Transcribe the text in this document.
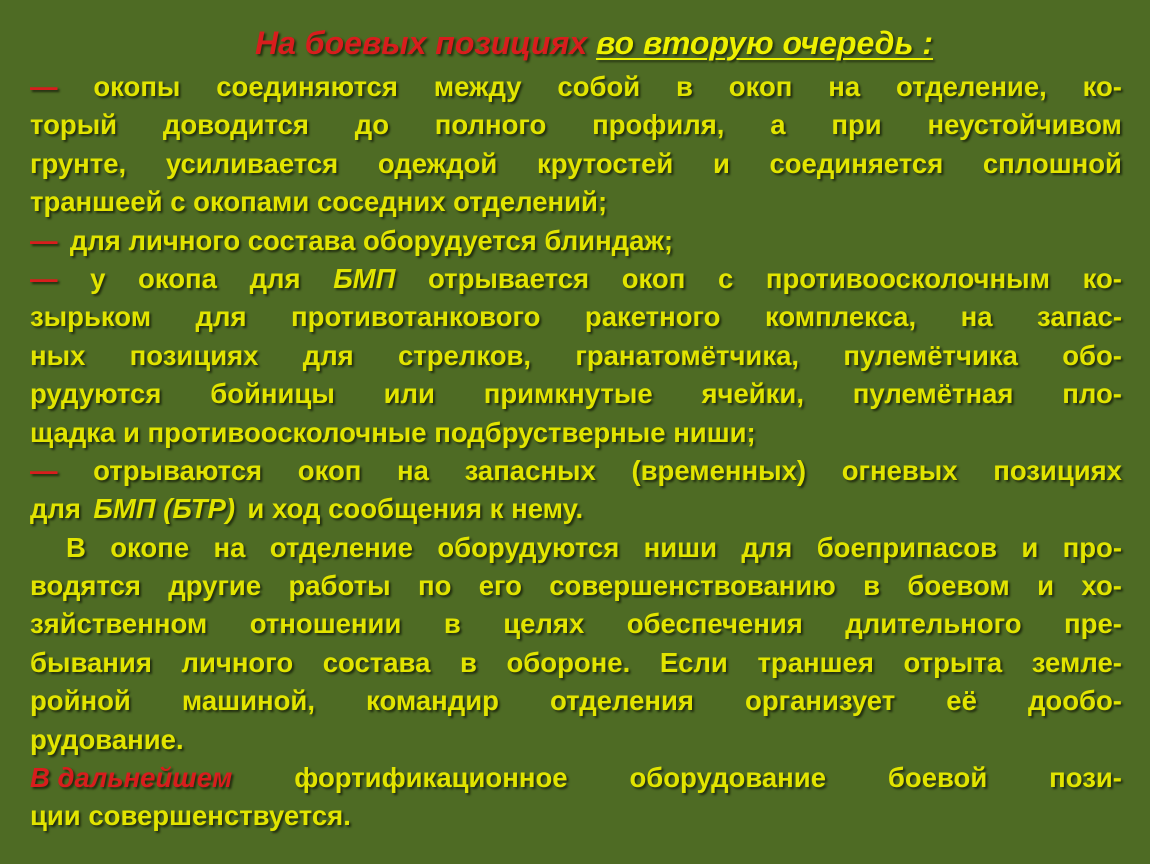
На боевых позициях во вторую очередь :
— окопы соединяются между собой в окоп на отделение, ко-
торый доводится до полного профиля, а при неустойчивом
грунте, усиливается одеждой крутостей и соединяется сплошной
траншеей с окопами соседних отделений;
— для личного состава оборудуется блиндаж;
— у окопа для БМП отрывается окоп с противоосколочным ко-
зырьком для противотанкового ракетного комплекса, на запас-
ных позициях для стрелков, гранатомётчика, пулемётчика обо-
рудуются бойницы или примкнутые ячейки, пулемётная пло-
щадка и противоосколочные подбрустверные ниши;
— отрываются окоп на запасных (временных) огневых позициях
для БМП (БТР) и ход сообщения к нему.
В окопе на отделение оборудуются ниши для боеприпасов и про-
водятся другие работы по его совершенствованию в боевом и хо-
зяйственном отношении в целях обеспечения длительного пре-
бывания личного состава в обороне. Если траншея отрыта земле-
ройной машиной, командир отделения организует её дообо-
рудование.
В дальнейшем фортификационное оборудование боевой пози-
ции совершенствуется.
